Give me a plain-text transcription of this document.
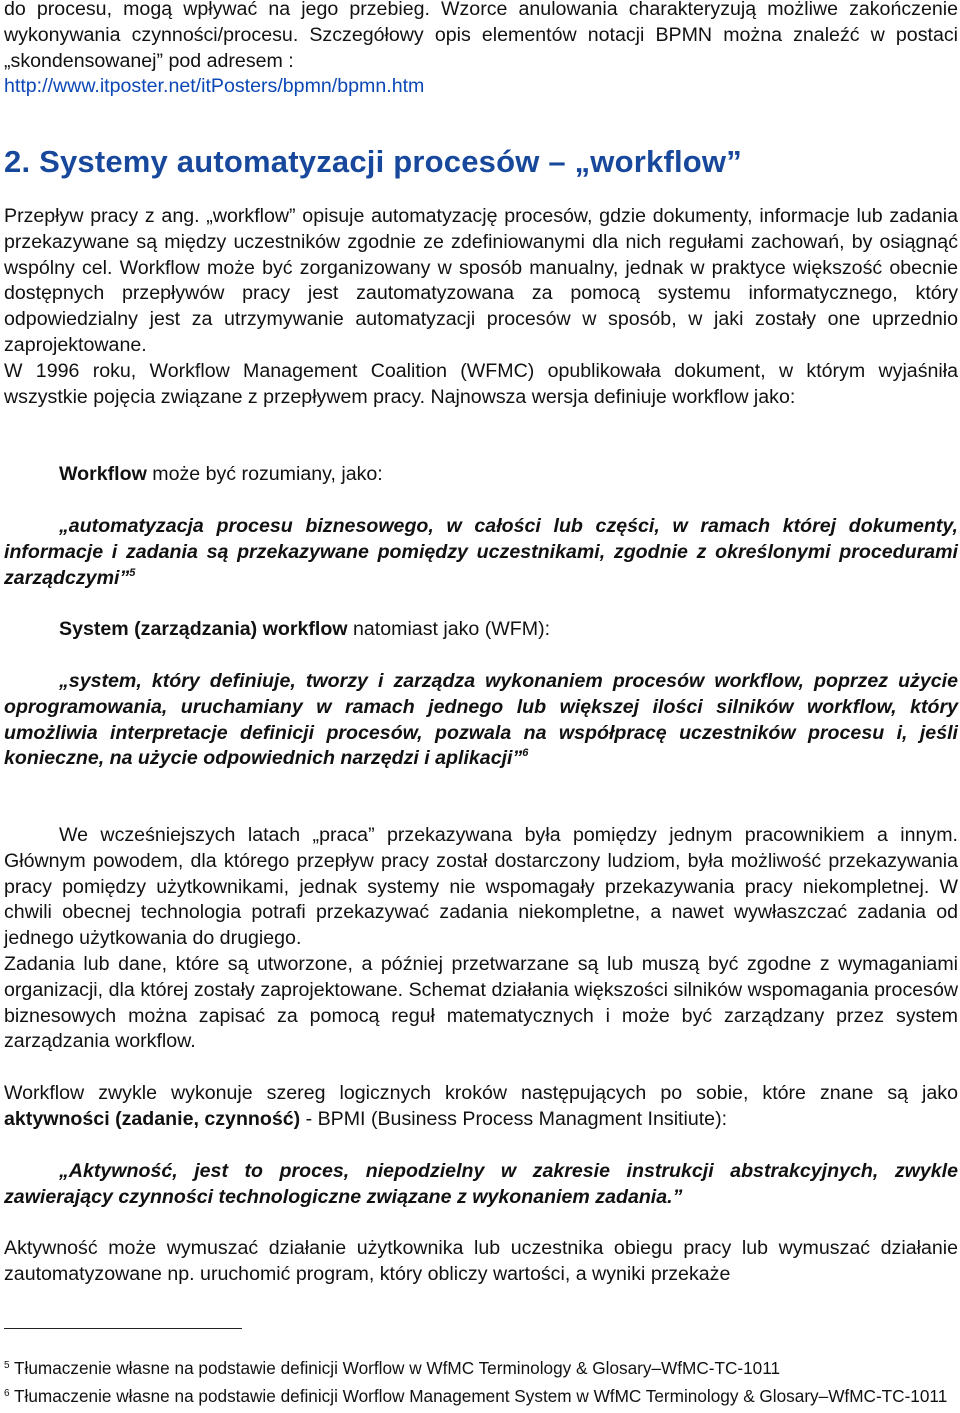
do procesu, mogą wpływać na jego przebieg. Wzorce anulowania charakteryzują możliwe zakończenie wykonywania czynności/procesu. Szczegółowy opis elementów notacji BPMN można znaleźć w postaci „skondensowanej” pod adresem :
http://www.itposter.net/itPosters/bpmn/bpmn.htm

2. Systemy automatyzacji procesów – „workflow”

Przepływ pracy z ang. „workflow” opisuje automatyzację procesów, gdzie dokumenty, informacje lub zadania przekazywane są między uczestników zgodnie ze zdefiniowanymi dla nich regułami zachowań, by osiągnąć wspólny cel. Workflow może być zorganizowany w sposób manualny, jednak w praktyce większość obecnie dostępnych przepływów pracy jest zautomatyzowana za pomocą systemu informatycznego, który odpowiedzialny jest za utrzymywanie automatyzacji procesów w sposób, w jaki zostały one uprzednio zaprojektowane.

W 1996 roku, Workflow Management Coalition (WFMC) opublikowała dokument, w którym wyjaśniła wszystkie pojęcia związane z przepływem pracy. Najnowsza wersja definiuje workflow jako:

Workflow może być rozumiany, jako:

„automatyzacja procesu biznesowego, w całości lub części, w ramach której dokumenty, informacje i zadania są przekazywane pomiędzy uczestnikami, zgodnie z określonymi procedurami zarządczymi”$^5$

System (zarządzania) workflow natomiast jako (WFM):

„system, który definiuje, tworzy i zarządza wykonaniem procesów workflow, poprzez użycie oprogramowania, uruchamiany w ramach jednego lub większej ilości silników workflow, który umożliwia interpretacje definicji procesów, pozwala na współpracę uczestników procesu i, jeśli konieczne, na użycie odpowiednich narzędzi i aplikacji”$^6$

We wcześniejszych latach „praca” przekazywana była pomiędzy jednym pracownikiem a innym. Głównym powodem, dla którego przepływ pracy został dostarczony ludziom, była możliwość przekazywania pracy pomiędzy użytkownikami, jednak systemy nie wspomagały przekazywania pracy niekompletnej. W chwili obecnej technologia potrafi przekazywać zadania niekompletne, a nawet wywłaszczać zadania od jednego użytkowania do drugiego.

Zadania lub dane, które są utworzone, a później przetwarzane są lub muszą być zgodne z wymaganiami organizacji, dla której zostały zaprojektowane. Schemat działania większości silników wspomagania procesów biznesowych można zapisać za pomocą reguł matematycznych i może być zarządzany przez system zarządzania workflow.

Workflow zwykle wykonuje szereg logicznych kroków następujących po sobie, które znane są jako aktywności (zadanie, czynność) - BPMI (Business Process Managment Insitiute):

„Aktywność, jest to proces, niepodzielny w zakresie instrukcji abstrakcyjnych, zwykle zawierający czynności technologiczne związane z wykonaniem zadania.”

Aktywność może wymuszać działanie użytkownika lub uczestnika obiegu pracy lub wymuszać działanie zautomatyzowane np. uruchomić program, który obliczy wartości, a wyniki przekaże

$^5$ Tłumaczenie własne na podstawie definicji Worflow w WfMC Terminology & Glosary–WfMC-TC-1011

$^6$ Tłumaczenie własne na podstawie definicji Worflow Management System w WfMC Terminology & Glosary–WfMC-TC-1011
